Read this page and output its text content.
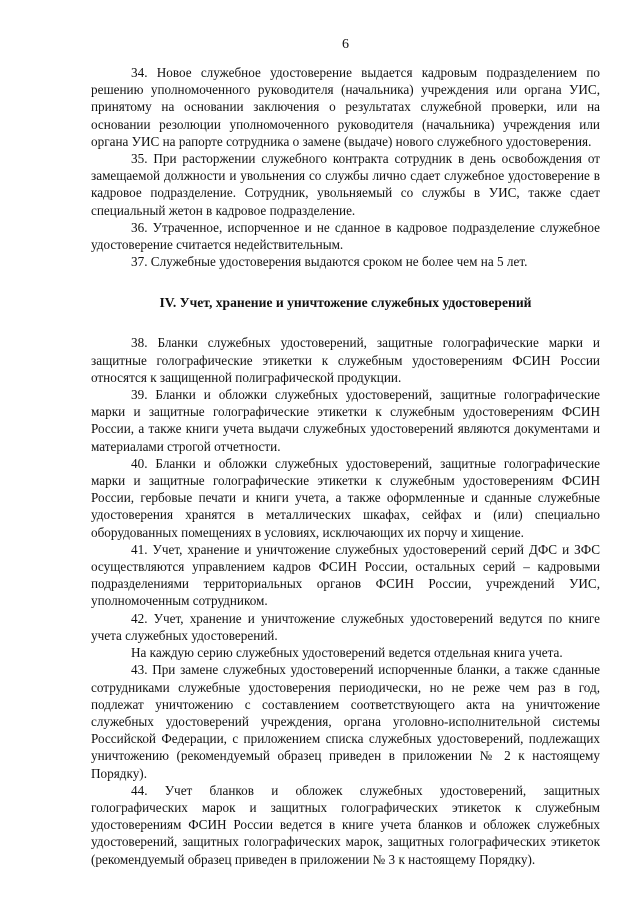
6

34. Новое служебное удостоверение выдается кадровым подразделением по решению уполномоченного руководителя (начальника) учреждения или органа УИС, принятому на основании заключения о результатах служебной проверки, или на основании резолюции уполномоченного руководителя (начальника) учреждения или органа УИС на рапорте сотрудника о замене (выдаче) нового служебного удостоверения.

35. При расторжении служебного контракта сотрудник в день освобождения от замещаемой должности и увольнения со службы лично сдает служебное удостоверение в кадровое подразделение. Сотрудник, увольняемый со службы в УИС, также сдает специальный жетон в кадровое подразделение.

36. Утраченное, испорченное и не сданное в кадровое подразделение служебное удостоверение считается недействительным.

37. Служебные удостоверения выдаются сроком не более чем на 5 лет.

IV. Учет, хранение и уничтожение служебных удостоверений

38. Бланки служебных удостоверений, защитные голографические марки и защитные голографические этикетки к служебным удостоверениям ФСИН России относятся к защищенной полиграфической продукции.

39. Бланки и обложки служебных удостоверений, защитные голографические марки и защитные голографические этикетки к служебным удостоверениям ФСИН России, а также книги учета выдачи служебных удостоверений являются документами и материалами строгой отчетности.

40. Бланки и обложки служебных удостоверений, защитные голографические марки и защитные голографические этикетки к служебным удостоверениям ФСИН России, гербовые печати и книги учета, а также оформленные и сданные служебные удостоверения хранятся в металлических шкафах, сейфах и (или) специально оборудованных помещениях в условиях, исключающих их порчу и хищение.

41. Учет, хранение и уничтожение служебных удостоверений серий ДФС и ЗФС осуществляются управлением кадров ФСИН России, остальных серий – кадровыми подразделениями территориальных органов ФСИН России, учреждений УИС, уполномоченным сотрудником.

42. Учет, хранение и уничтожение служебных удостоверений ведутся по книге учета служебных удостоверений.

На каждую серию служебных удостоверений ведется отдельная книга учета.

43. При замене служебных удостоверений испорченные бланки, а также сданные сотрудниками служебные удостоверения периодически, но не реже чем раз в год, подлежат уничтожению с составлением соответствующего акта на уничтожение служебных удостоверений учреждения, органа уголовно-исполнительной системы Российской Федерации, с приложением списка служебных удостоверений, подлежащих уничтожению (рекомендуемый образец приведен в приложении № 2 к настоящему Порядку).

44. Учет бланков и обложек служебных удостоверений, защитных голографических марок и защитных голографических этикеток к служебным удостоверениям ФСИН России ведется в книге учета бланков и обложек служебных удостоверений, защитных голографических марок, защитных голографических этикеток (рекомендуемый образец приведен в приложении № 3 к настоящему Порядку).
